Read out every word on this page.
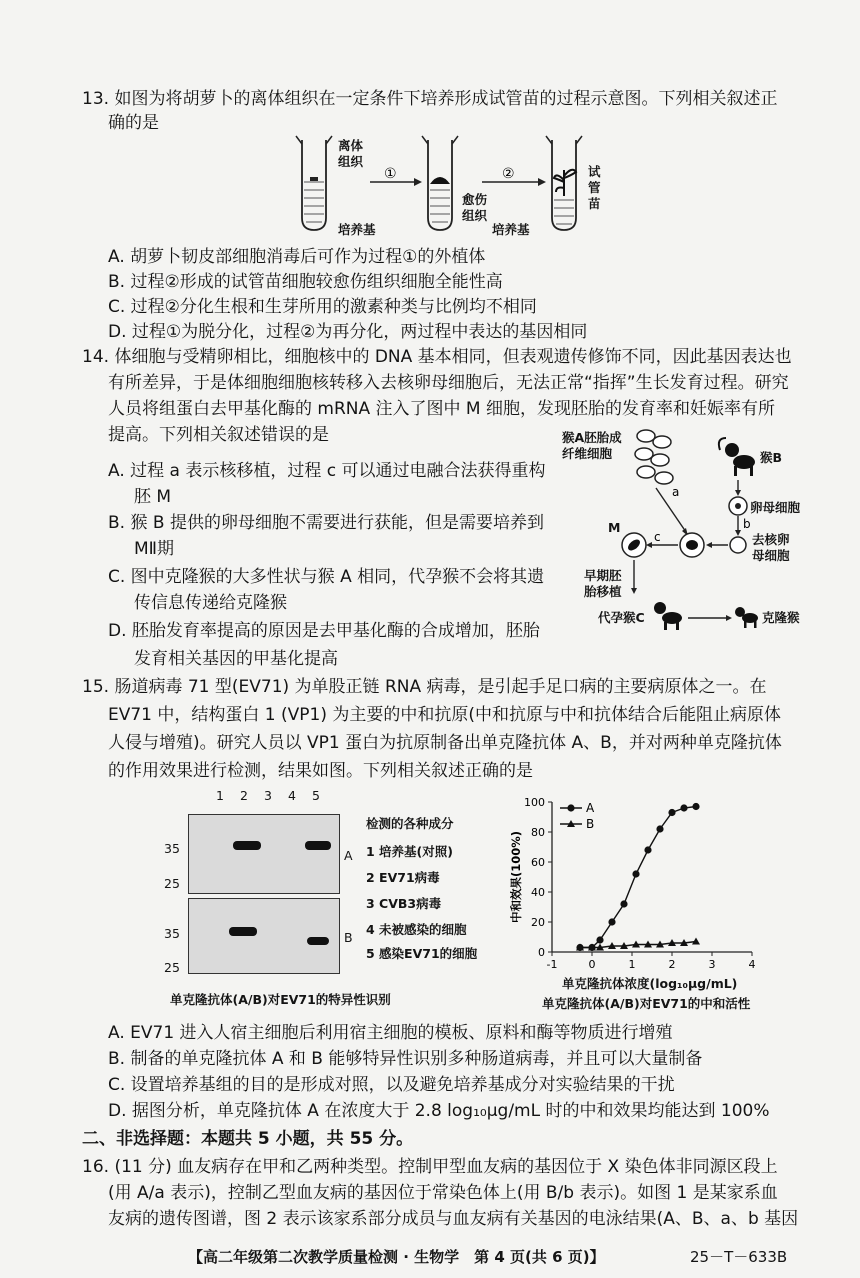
13. 如图为将胡萝卜的离体组织在一定条件下培养形成试管苗的过程示意图。下列相关叙述正
确的是
①	②
离体
组织
培养基
愈伤
组织
培养基
试
管
苗
A. 胡萝卜韧皮部细胞消毒后可作为过程①的外植体
B. 过程②形成的试管苗细胞较愈伤组织细胞全能性高
C. 过程②分化生根和生芽所用的激素种类与比例均不相同
D. 过程①为脱分化，过程②为再分化，两过程中表达的基因相同
14. 体细胞与受精卵相比，细胞核中的 DNA 基本相同，但表观遗传修饰不同，因此基因表达也
有所差异，于是体细胞细胞核转移入去核卵母细胞后，无法正常“指挥”生长发育过程。研究
人员将组蛋白去甲基化酶的 mRNA 注入了图中 M 细胞，发现胚胎的发育率和妊娠率有所
提高。下列相关叙述错误的是
A. 过程 a 表示核移植，过程 c 可以通过电融合法获得重构
胚 M
B. 猴 B 提供的卵母细胞不需要进行获能，但是需要培养到
MⅡ期
C. 图中克隆猴的大多性状与猴 A 相同，代孕猴不会将其遗
传信息传递给克隆猴
D. 胚胎发育率提高的原因是去甲基化酶的合成增加，胚胎
发育相关基因的甲基化提高
a
b
c
猴A胚胎成
纤维细胞	猴B
卵母细胞
去核卵
母细胞
M
早期胚
胎移植
代孕猴C	克隆猴
15. 肠道病毒 71 型(EV71) 为单股正链 RNA 病毒，是引起手足口病的主要病原体之一。在
EV71 中，结构蛋白 1 (VP1) 为主要的中和抗原(中和抗原与中和抗体结合后能阻止病原体
人侵与增殖)。研究人员以 VP1 蛋白为抗原制备出单克隆抗体 A、B，并对两种单克隆抗体
的作用效果进行检测，结果如图。下列相关叙述正确的是
1 2 3 4 5
35
25
35
25
A
B
检测的各种成分
1 培养基(对照)
2 EV71病毒
3 CVB3病毒
4 未被感染的细胞
5 感染EV71的细胞
单克隆抗体(A/B)对EV71的特异性识别
-1	0	1	2	3	4
0
20
40
60
80
100
中和效果(100%)
A
B
单克隆抗体浓度(log₁₀μg/mL)
单克隆抗体(A/B)对EV71的中和活性
A. EV71 进入人宿主细胞后利用宿主细胞的模板、原料和酶等物质进行增殖
B. 制备的单克隆抗体 A 和 B 能够特异性识别多种肠道病毒，并且可以大量制备
C. 设置培养基组的目的是形成对照，以及避免培养基成分对实验结果的干扰
D. 据图分析，单克隆抗体 A 在浓度大于 2.8 log₁₀μg/mL 时的中和效果均能达到 100%
二、非选择题：本题共 5 小题，共 55 分。
16. (11 分) 血友病存在甲和乙两种类型。控制甲型血友病的基因位于 X 染色体非同源区段上
(用 A/a 表示)，控制乙型血友病的基因位于常染色体上(用 B/b 表示)。如图 1 是某家系血
友病的遗传图谱，图 2 表示该家系部分成员与血友病有关基因的电泳结果(A、B、a、b 基因
【高二年级第二次教学质量检测 · 生物学　第 4 页(共 6 页)】	25－T－633B
